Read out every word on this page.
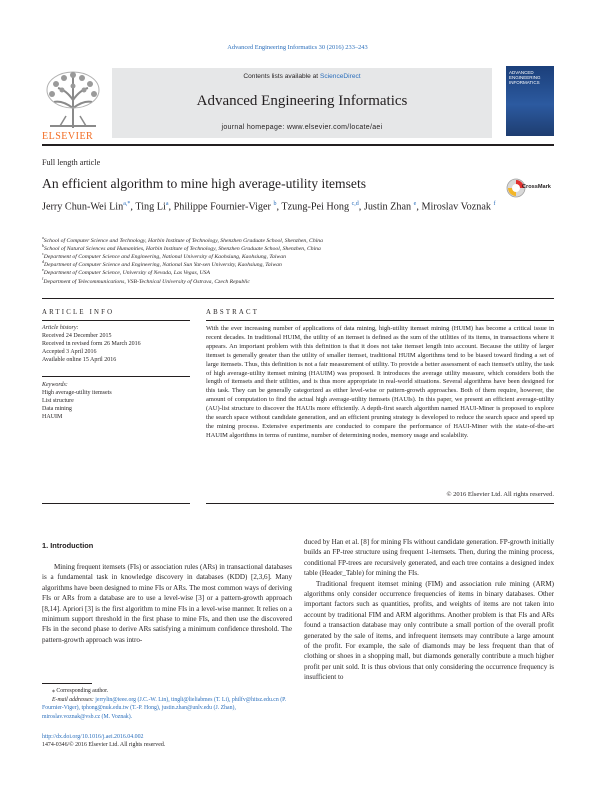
Advanced Engineering Informatics 30 (2016) 233–243
ELSEVIER
Contents lists available at ScienceDirect
Advanced Engineering Informatics
journal homepage: www.elsevier.com/locate/aei
ADVANCED ENGINEERING INFORMATICS
Full length article
An efficient algorithm to mine high average-utility itemsets	CrossMark
Jerry Chun-Wei Lin$^{a,*}$, Ting Li$^a$, Philippe Fournier-Viger $^b$, Tzung-Pei Hong $^{c,d}$, Justin Zhan $^e$, Miroslav Voznak $^f$
$^a$School of Computer Science and Technology, Harbin Institute of Technology, Shenzhen Graduate School, Shenzhen, China
$^b$School of Natural Sciences and Humanities, Harbin Institute of Technology, Shenzhen Graduate School, Shenzhen, China
$^c$Department of Computer Science and Engineering, National University of Kaohsiung, Kaohsiung, Taiwan
$^d$Department of Computer Science and Engineering, National Sun Yat-sen University, Kaohsiung, Taiwan
$^e$Department of Computer Science, University of Nevada, Las Vegas, USA
$^f$Department of Telecommunications, VSB-Technical University of Ostrava, Czech Republic
ARTICLE INFO
Article history:
Received 24 December 2015
Received in revised form 26 March 2016
Accepted 3 April 2016
Available online 15 April 2016
Keywords:
High average-utility itemsets
List structure
Data mining
HAUIM
ABSTRACT
With the ever increasing number of applications of data mining, high-utility itemset mining (HUIM) has become a critical issue in recent decades. In traditional HUIM, the utility of an itemset is defined as the sum of the utilities of its items, in transactions where it appears. An important problem with this definition is that it does not take itemset length into account. Because the utility of larger itemset is generally greater than the utility of smaller itemset, traditional HUIM algorithms tend to be biased toward finding a set of large itemsets. Thus, this definition is not a fair measurement of utility. To provide a better assessment of each itemset's utility, the task of high average-utility itemset mining (HAUIM) was proposed. It introduces the average utility measure, which considers both the length of itemsets and their utilities, and is thus more appropriate in real-world situations. Several algorithms have been designed for this task. They can be generally categorized as either level-wise or pattern-growth approaches. Both of them require, however, the amount of computation to find the actual high average-utility itemsets (HAUIs). In this paper, we present an efficient average-utility (AU)-list structure to discover the HAUIs more efficiently. A depth-first search algorithm named HAUI-Miner is proposed to explore the search space without candidate generation, and an efficient pruning strategy is developed to reduce the search space and speed up the mining process. Extensive experiments are conducted to compare the performance of HAUI-Miner with the state-of-the-art HAUIM algorithms in terms of runtime, number of determining nodes, memory usage and scalability.
© 2016 Elsevier Ltd. All rights reserved.
1. Introduction

Mining frequent itemsets (FIs) or association rules (ARs) in transactional databases is a fundamental task in knowledge discovery in databases (KDD) [2,3,6]. Many algorithms have been designed to mine FIs or ARs. The most common ways of deriving FIs or ARs from a database are to use a level-wise [3] or a pattern-growth approach [8,14]. Apriori [3] is the first algorithm to mine FIs in a level-wise manner. It relies on a minimum support threshold in the first phase to mine FIs, and then use the discovered FIs in the second phase to derive ARs satisfying a minimum confidence threshold. The pattern-growth approach was intro-

duced by Han et al. [8] for mining FIs without candidate generation. FP-growth initially builds an FP-tree structure using frequent 1-itemsets. Then, during the mining process, conditional FP-trees are recursively generated, and each tree contains a designed index table (Header_Table) for mining the FIs.

Traditional frequent itemset mining (FIM) and association rule mining (ARM) algorithms only consider occurrence frequencies of items in binary databases. Other important factors such as quantities, profits, and weights of items are not taken into account by traditional FIM and ARM algorithms. Another problem is that FIs and ARs found a transaction database may only contribute a small portion of the overall profit generated by the sale of items, and infrequent itemsets may contribute a large amount of the profit. For example, the sale of diamonds may be less frequent than that of clothing or shoes in a shopping mall, but diamonds generally contribute a much higher profit per unit sold. It is thus obvious that only considering the occurrence frequency is insufficient to

⁎ Corresponding author.
E-mail addresses: jerrylin@ieee.org (J.C.-W. Lin), tingli@lieliabmes (T. Li), philfv@hitsz.edu.cn (P. Fournier-Viger), tphong@nuk.edu.tw (T.-P. Hong), justin.zhan@unlv.edu (J. Zhan), miroslav.voznak@vsb.cz (M. Voznak).
http://dx.doi.org/10.1016/j.aei.2016.04.002
1474-0346/© 2016 Elsevier Ltd. All rights reserved.
